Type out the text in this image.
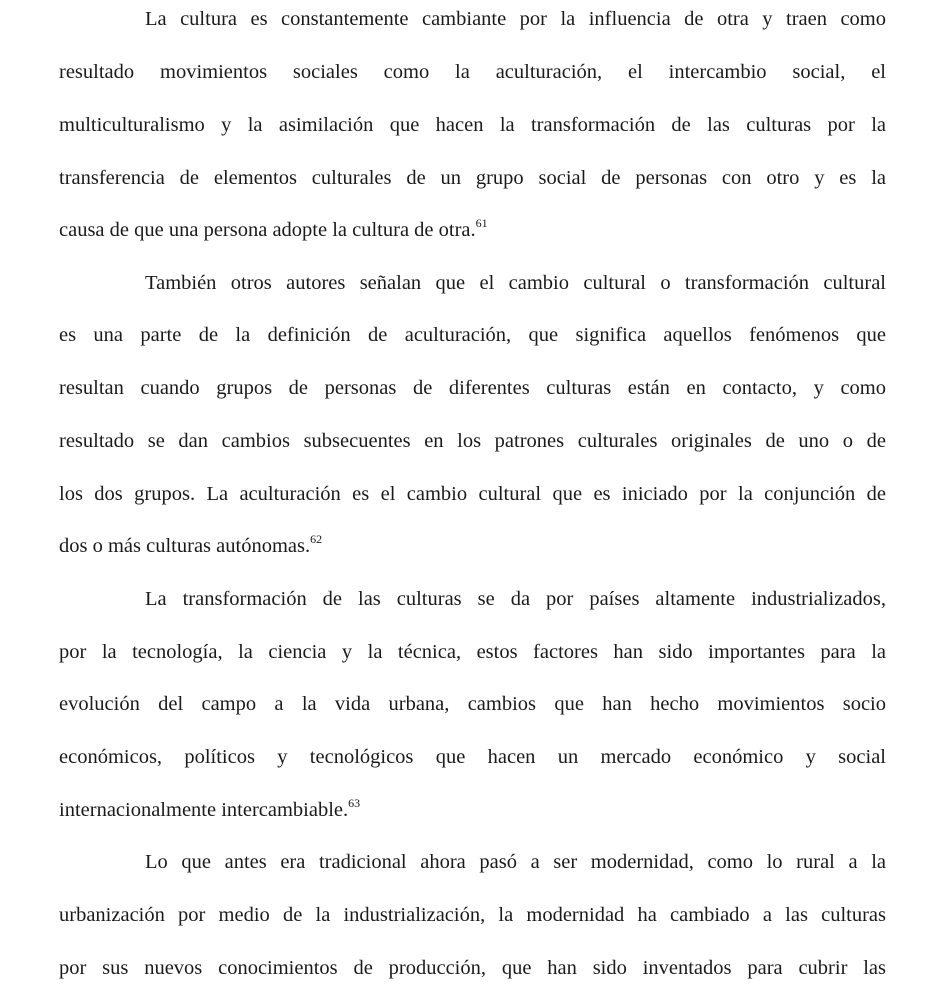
La cultura es constantemente cambiante por la influencia de otra y traen como
resultado movimientos sociales como la aculturación, el intercambio social, el
multiculturalismo y la asimilación que hacen la transformación de las culturas por la
transferencia de elementos culturales de un grupo social de personas con otro y es la
causa de que una persona adopte la cultura de otra.$^{61}$
También otros autores señalan que el cambio cultural o transformación cultural
es una parte de la definición de aculturación, que significa aquellos fenómenos que
resultan cuando grupos de personas de diferentes culturas están en contacto, y como
resultado se dan cambios subsecuentes en los patrones culturales originales de uno o de
los dos grupos. La aculturación es el cambio cultural que es iniciado por la conjunción de
dos o más culturas autónomas.$^{62}$
La transformación de las culturas se da por países altamente industrializados,
por la tecnología, la ciencia y la técnica, estos factores han sido importantes para la
evolución del campo a la vida urbana, cambios que han hecho movimientos socio
económicos, políticos y tecnológicos que hacen un mercado económico y social
internacionalmente intercambiable.$^{63}$
Lo que antes era tradicional ahora pasó a ser modernidad, como lo rural a la
urbanización por medio de la industrialización, la modernidad ha cambiado a las culturas
por sus nuevos conocimientos de producción, que han sido inventados para cubrir las
